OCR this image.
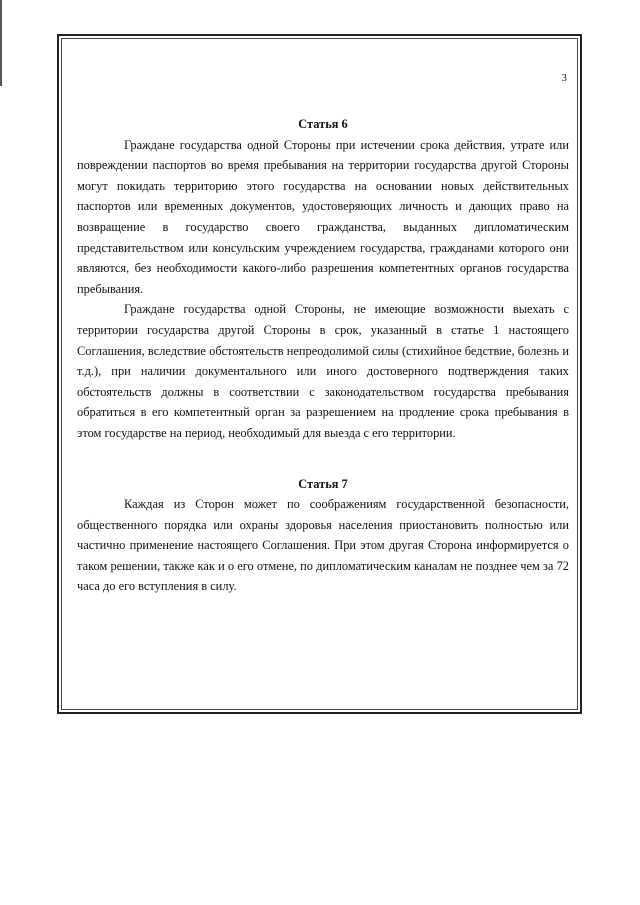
3
Статья 6

Граждане государства одной Стороны при истечении срока действия, утрате или повреждении паспортов во время пребывания на территории государства другой Стороны могут покидать территорию этого государства на основании новых действительных паспортов или временных документов, удостоверяющих личность и дающих право на возвращение в государство своего гражданства, выданных дипломатическим представительством или консульским учреждением государства, гражданами которого они являются, без необходимости какого-либо разрешения компетентных органов государства пребывания.

Граждане государства одной Стороны, не имеющие возможности выехать с территории государства другой Стороны в срок, указанный в статье 1 настоящего Соглашения, вследствие обстоятельств непреодолимой силы (стихийное бедствие, болезнь и т.д.), при наличии документального или иного достоверного подтверждения таких обстоятельств должны в соответствии с законодательством государства пребывания обратиться в его компетентный орган за разрешением на продление срока пребывания в этом государстве на период, необходимый для выезда с его территории.

Статья 7

Каждая из Сторон может по соображениям государственной безопасности, общественного порядка или охраны здоровья населения приостановить полностью или частично применение настоящего Соглашения. При этом другая Сторона информируется о таком решении, также как и о его отмене, по дипломатическим каналам не позднее чем за 72 часа до его вступления в силу.
